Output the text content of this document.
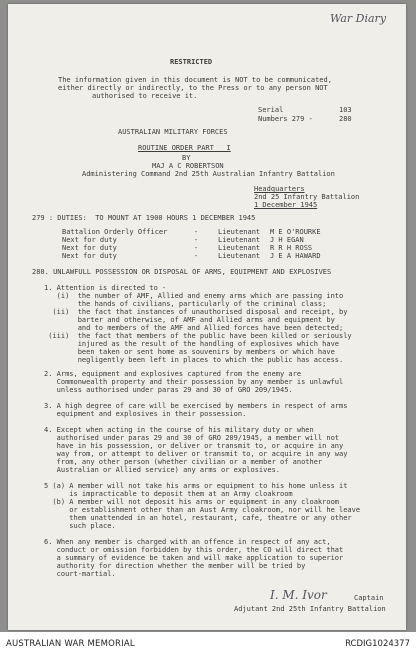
War Diary
RESTRICTED
The information given in this document is NOT to be communicated,
either directly or indirectly, to the Press or to any person NOT
authorised to receive it.
Serial	103
Numbers 279 -	280
AUSTRALIAN MILITARY FORCES
ROUTINE ORDER PART   I
BY
MAJ A C ROBERTSON
Administering Command 2nd 25th Australian Infantry Battalion
Headquarters
2nd 25 Infantry Battalion
1 December 1945
279 : DUTIES:  TO MOUNT AT 1900 HOURS 1 DECEMBER 1945
Battalion Orderly Officer	-	Lieutenant M E O'ROURKE
Next for duty	-	Lieutenant J H EGAN
Next for duty	-	Lieutenant R R H ROSS
Next for duty	-	Lieutenant J E A HAWARD
280. UNLAWFULL POSSESSION OR DISPOSAL OF ARMS, EQUIPMENT AND EXPLOSIVES
1. Attention is directed to -
(i)  the number of AMF, Allied and enemy arms which are passing into
the hands of civilians, particularly of the criminal class;
(ii)  the fact that instances of unauthorised disposal and receipt, by
barter and otherwise, of AMF and Allied arms and equipment by
and to members of the AMF and Allied forces have been detected;
(iii)  the fact that members of the public have been killed or seriously
injured as the result of the handling of explosives which have
been taken or sent home as souvenirs by members or which have
negligently been left in places to which the public has access.
2. Arms, equipment and explosives captured from the enemy are
Commonwealth property and their possession by any member is unlawful
unless authorised under paras 29 and 30 of GRO 209/1945.
3. A high degree of care will be exercised by members in respect of arms
equipment and explosives in their possession.
4. Except when acting in the course of his military duty or when
authorised under paras 29 and 30 of GRO 209/1945, a member will not
have in his possession, or deliver or transmit to, or acquire in any
way from, or attempt to deliver or transmit to, or acquire in any way
from, any other person (whether civilian or a member of another
Australian or Allied service) any arms or explosives.
5 (a) A member will not take his arms or equipment to his home unless it
is impracticable to deposit them at an Army cloakroom
(b) A member will not deposit his arms or equipment in any cloakroom
or establishment other than an Aust Army cloakroom, nor will he leave
them unattended in an hotel, restaurant, cafe, theatre or any other
such place.
6. When any member is charged with an offence in respect of any act,
conduct or omission forbidden by this order, the CO will direct that
a summary of evidence be taken and will make application to superior
authority for direction whether the member will be tried by
court-martial.
I. M. Ivor	Captain
Adjutant 2nd 25th Infantry Battalion
AUSTRALIAN WAR MEMORIAL	RCDIG1024377
